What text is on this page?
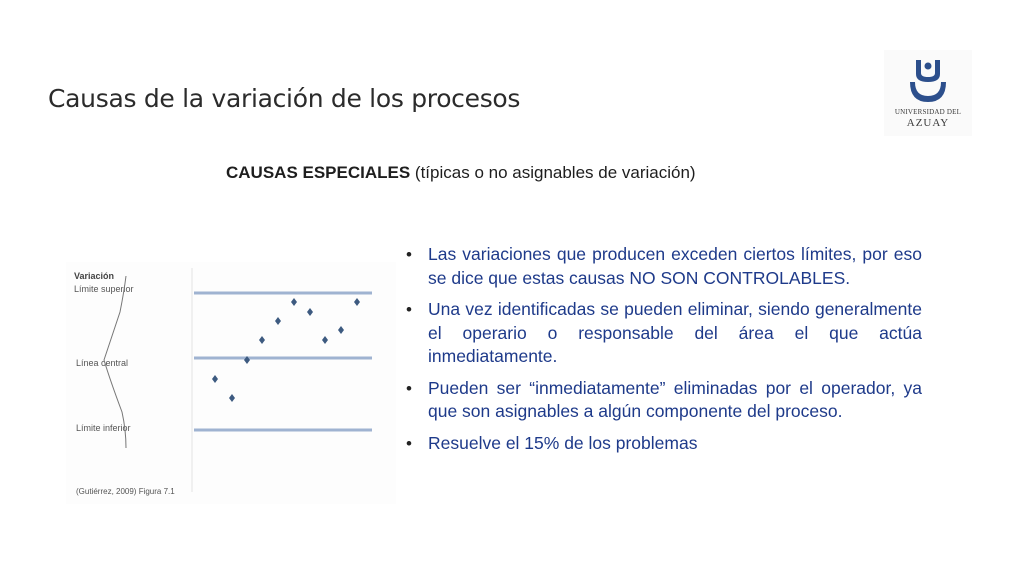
Causas de la variación de los procesos	UNIVERSIDAD DEL
AZUAY
CAUSAS ESPECIALES (típicas o no asignables de variación)
Variación
Límite superior
Línea central
Límite inferior
(Gutiérrez, 2009) Figura 7.1
• Las variaciones que producen exceden ciertos límites, por eso se dice que estas causas NO SON CONTROLABLES.
• Una vez identificadas se pueden eliminar, siendo generalmente el operario o responsable del área el que actúa inmediatamente.
• Pueden ser “inmediatamente” eliminadas por el operador, ya que son asignables a algún componente del proceso.
• Resuelve el 15% de los problemas
